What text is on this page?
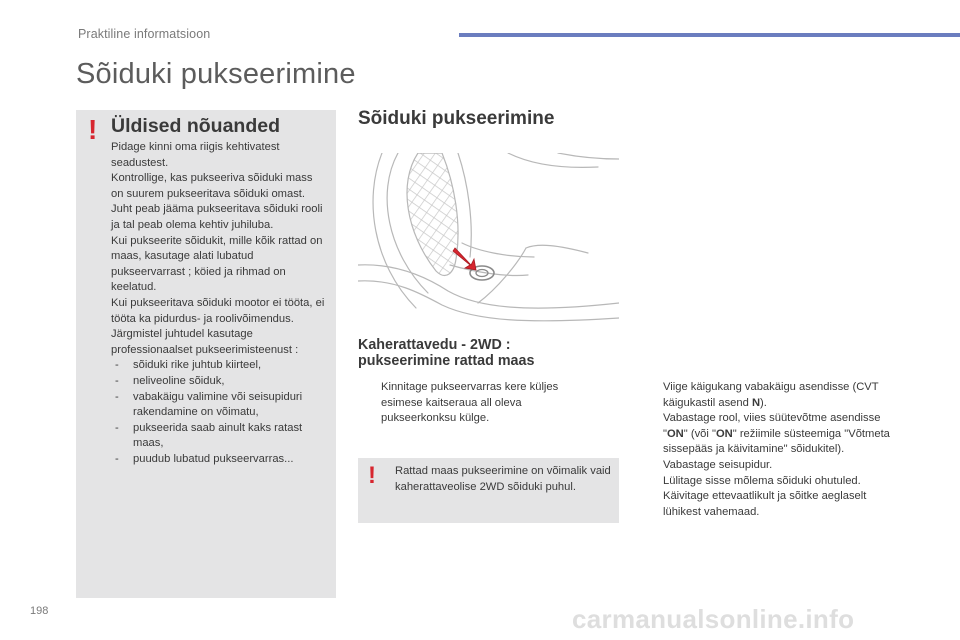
Praktiline informatsioon
Sõiduki pukseerimine
! Üldised nõuanded

Pidage kinni oma riigis kehtivatest seadustest.

Kontrollige, kas pukseeriva sõiduki mass on suurem pukseeritava sõiduki omast.

Juht peab jääma pukseeritava sõiduki rooli ja tal peab olema kehtiv juhiluba.

Kui pukseerite sõidukit, mille kõik rattad on maas, kasutage alati lubatud pukseervarrast ; köied ja rihmad on keelatud.

Kui pukseeritava sõiduki mootor ei tööta, ei tööta ka pidurdus- ja roolivõimendus.

Järgmistel juhtudel kasutage professionaalset pukseerimisteenust :

- sõiduki rike juhtub kiirteel,
- neliveoline sõiduk,
- vabakäigu valimine või seisupiduri rakendamine on võimatu,
- pukseerida saab ainult kaks ratast maas,
- puudub lubatud pukseervarras...
Sõiduki pukseerimine
Kaherattavedu - 2WD :
pukseerimine rattad maas
Kinnitage pukseervarras kere küljes esimese kaitseraua all oleva pukseerkonksu külge.
! Rattad maas pukseerimine on võimalik vaid kaherattaveolise 2WD sõiduki puhul.
Viige käigukang vabakäigu asendisse (CVT käigukastil asend N).
Vabastage rool, viies süütevõtme asendisse "ON" (või "ON" režiimile süsteemiga "Võtmeta sissepääs ja käivitamine" sõidukitel).
Vabastage seisupidur.
Lülitage sisse mõlema sõiduki ohutuled.
Käivitage ettevaatlikult ja sõitke aeglaselt lühikest vahemaad.
198	carmanualsonline.info
